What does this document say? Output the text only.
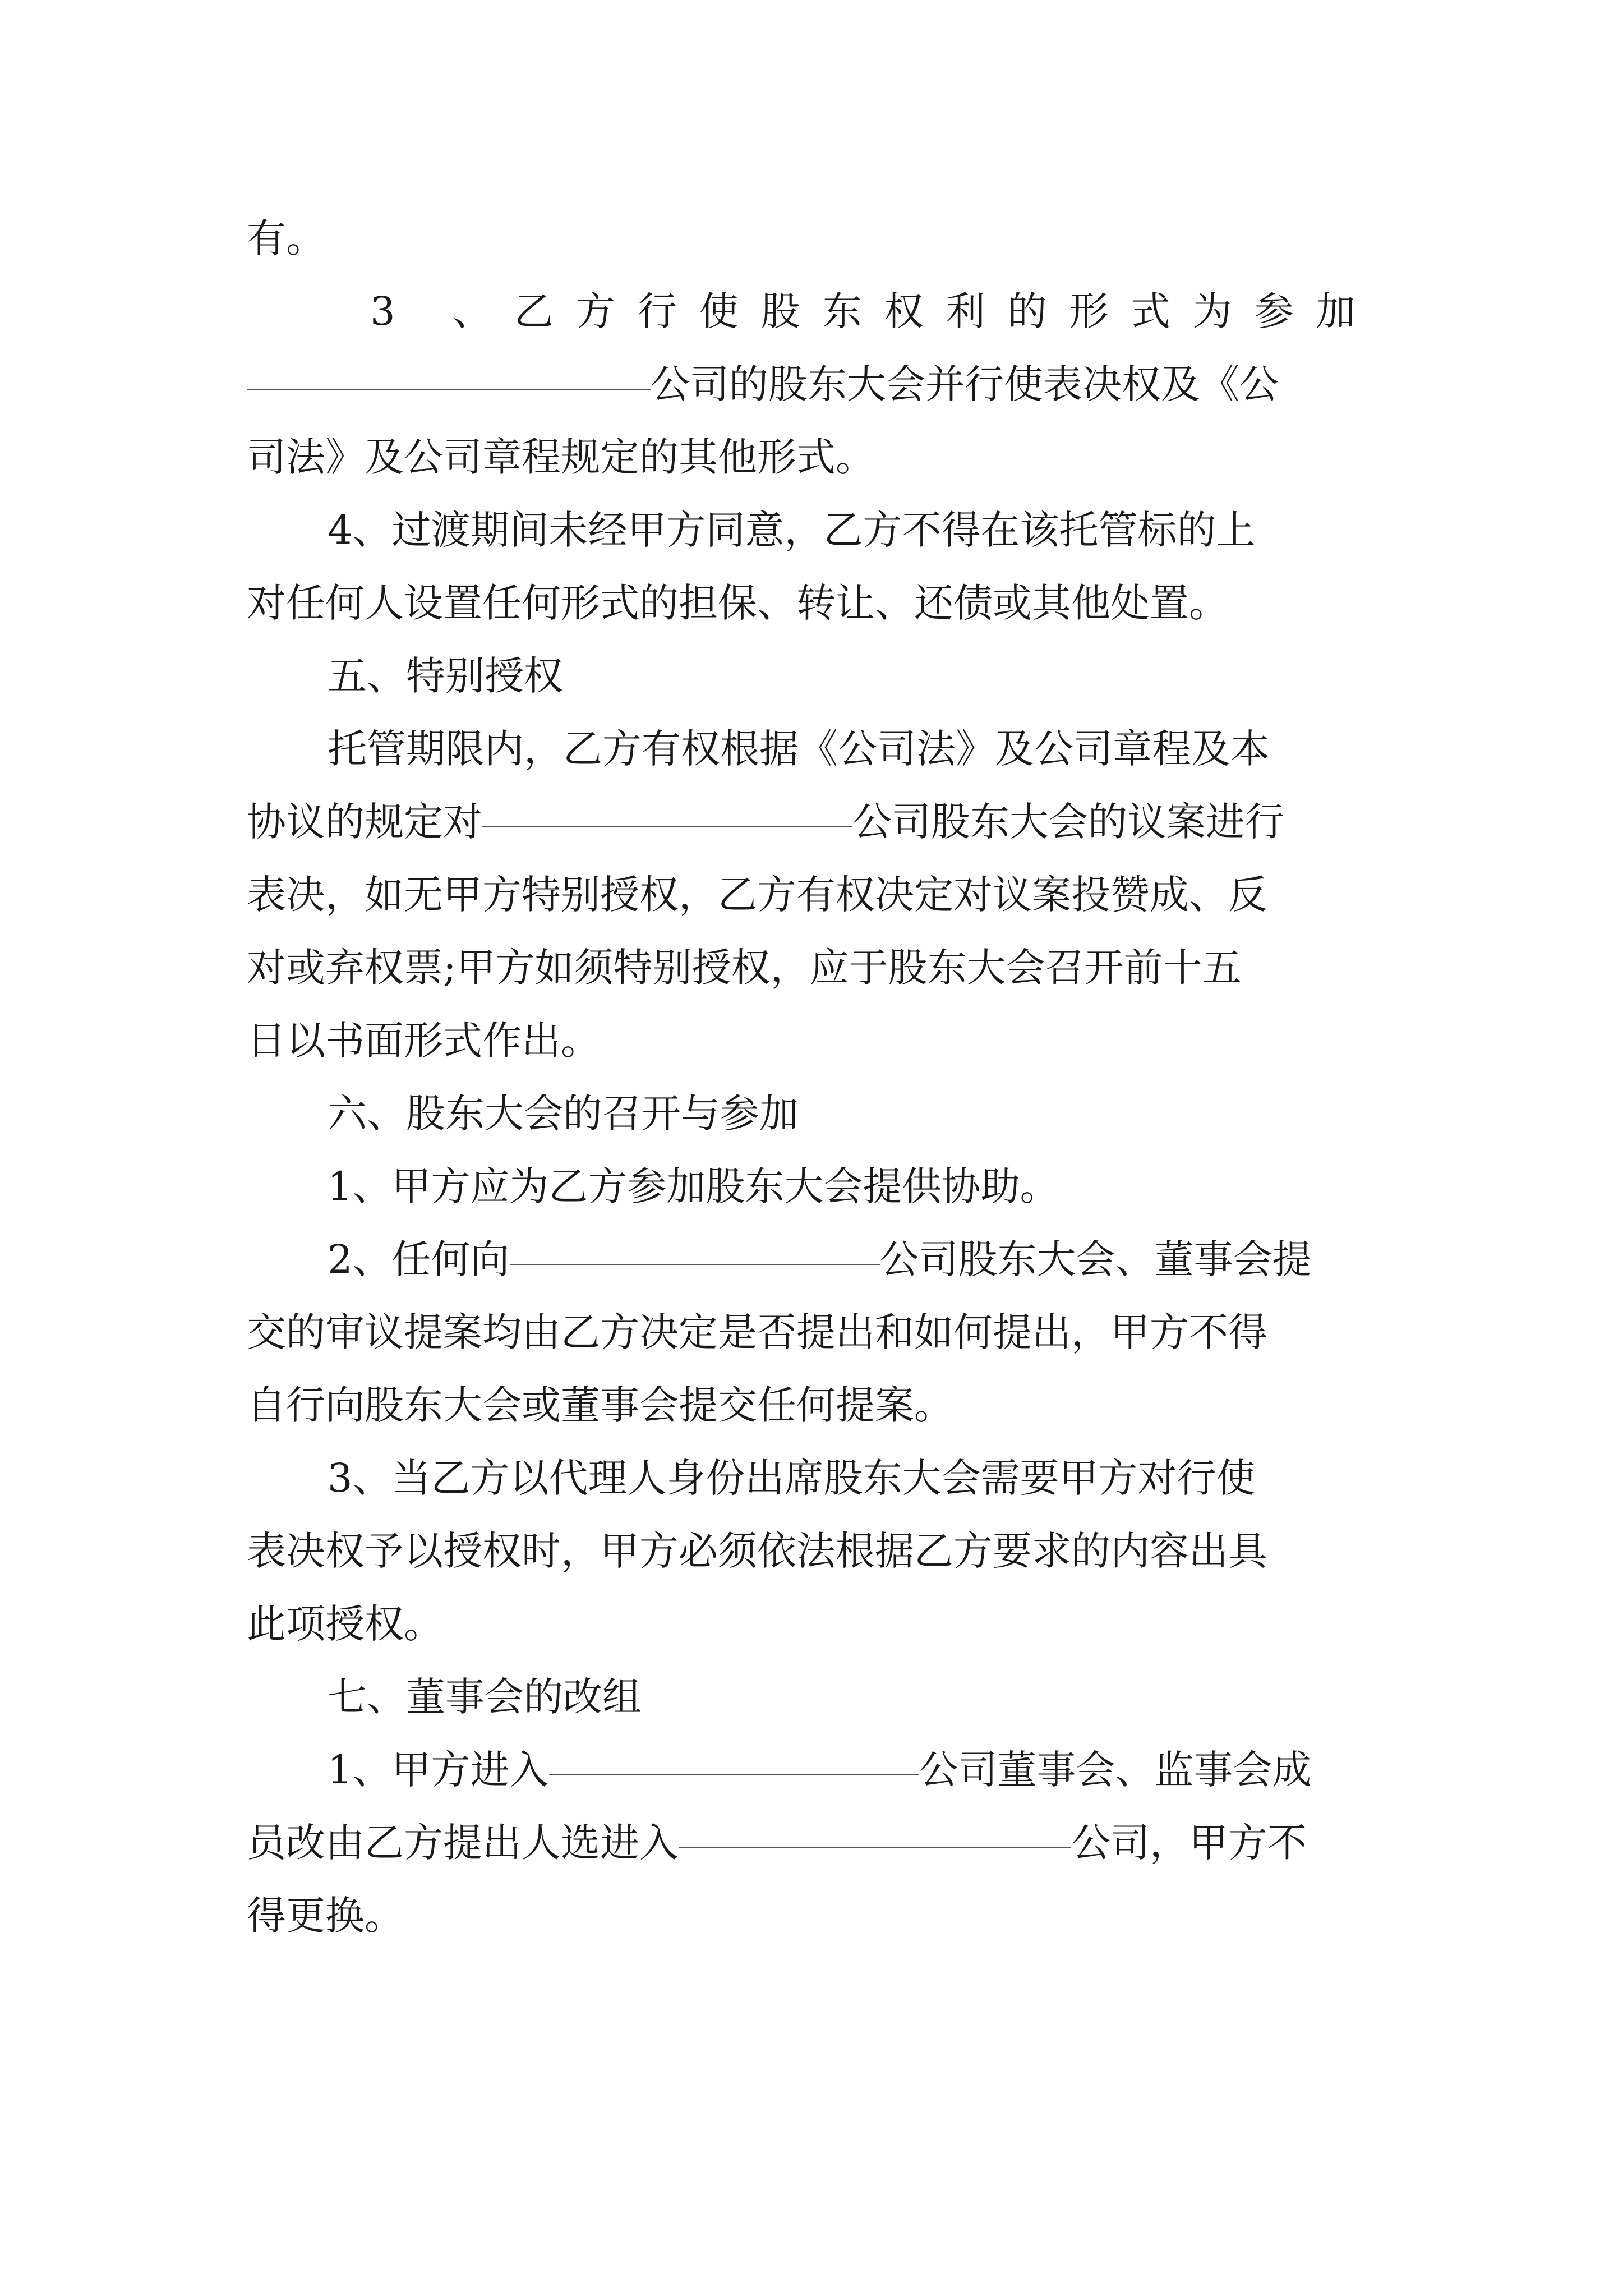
有。
3 、乙方行使股东权利的形式为参加
公司的股东大会并行使表决权及《公
司法》及公司章程规定的其他形式。
4、过渡期间未经甲方同意，乙方不得在该托管标的上
对任何人设置任何形式的担保、转让、还债或其他处置。
五、特别授权
托管期限内，乙方有权根据《公司法》及公司章程及本
协议的规定对	公司股东大会的议案进行
表决，如无甲方特别授权，乙方有权决定对议案投赞成、反
对或弃权票;甲方如须特别授权，应于股东大会召开前十五
日以书面形式作出。
六、股东大会的召开与参加
1、甲方应为乙方参加股东大会提供协助。
2、任何向	公司股东大会、董事会提
交的审议提案均由乙方决定是否提出和如何提出，甲方不得
自行向股东大会或董事会提交任何提案。
3、当乙方以代理人身份出席股东大会需要甲方对行使
表决权予以授权时，甲方必须依法根据乙方要求的内容出具
此项授权。
七、董事会的改组
1、甲方进入	公司董事会、监事会成
员改由乙方提出人选进入	公司，甲方不
得更换。
